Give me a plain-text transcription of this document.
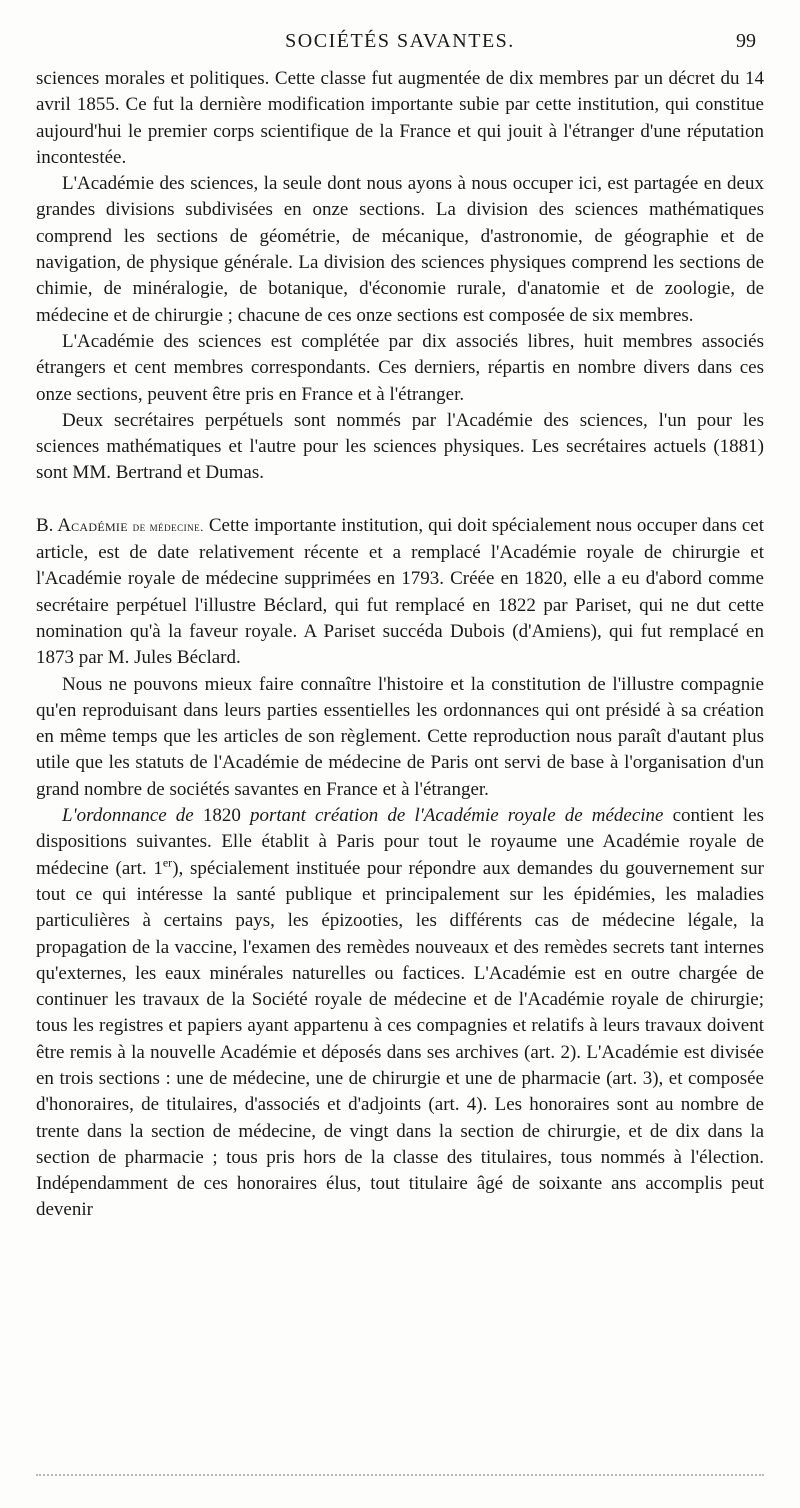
SOCIÉTÉS SAVANTES.	99

sciences morales et politiques. Cette classe fut augmentée de dix membres par un décret du 14 avril 1855. Ce fut la dernière modification importante subie par cette institution, qui constitue aujourd'hui le premier corps scientifique de la France et qui jouit à l'étranger d'une réputation incontestée.

L'Académie des sciences, la seule dont nous ayons à nous occuper ici, est partagée en deux grandes divisions subdivisées en onze sections. La division des sciences mathématiques comprend les sections de géométrie, de mécanique, d'astronomie, de géographie et de navigation, de physique générale. La division des sciences physiques comprend les sections de chimie, de minéralogie, de botanique, d'économie rurale, d'anatomie et de zoologie, de médecine et de chirurgie ; chacune de ces onze sections est composée de six membres.

L'Académie des sciences est complétée par dix associés libres, huit membres associés étrangers et cent membres correspondants. Ces derniers, répartis en nombre divers dans ces onze sections, peuvent être pris en France et à l'étranger.

Deux secrétaires perpétuels sont nommés par l'Académie des sciences, l'un pour les sciences mathématiques et l'autre pour les sciences physiques. Les secrétaires actuels (1881) sont MM. Bertrand et Dumas.

B. Académie de médecine. Cette importante institution, qui doit spécialement nous occuper dans cet article, est de date relativement récente et a remplacé l'Académie royale de chirurgie et l'Académie royale de médecine supprimées en 1793. Créée en 1820, elle a eu d'abord comme secrétaire perpétuel l'illustre Béclard, qui fut remplacé en 1822 par Pariset, qui ne dut cette nomination qu'à la faveur royale. A Pariset succéda Dubois (d'Amiens), qui fut remplacé en 1873 par M. Jules Béclard.

Nous ne pouvons mieux faire connaître l'histoire et la constitution de l'illustre compagnie qu'en reproduisant dans leurs parties essentielles les ordonnances qui ont présidé à sa création en même temps que les articles de son règlement. Cette reproduction nous paraît d'autant plus utile que les statuts de l'Académie de médecine de Paris ont servi de base à l'organisation d'un grand nombre de sociétés savantes en France et à l'étranger.

L'ordonnance de 1820 portant création de l'Académie royale de médecine contient les dispositions suivantes. Elle établit à Paris pour tout le royaume une Académie royale de médecine (art. 1er), spécialement instituée pour répondre aux demandes du gouvernement sur tout ce qui intéresse la santé publique et principalement sur les épidémies, les maladies particulières à certains pays, les épizooties, les différents cas de médecine légale, la propagation de la vaccine, l'examen des remèdes nouveaux et des remèdes secrets tant internes qu'externes, les eaux minérales naturelles ou factices. L'Académie est en outre chargée de continuer les travaux de la Société royale de médecine et de l'Académie royale de chirurgie; tous les registres et papiers ayant appartenu à ces compagnies et relatifs à leurs travaux doivent être remis à la nouvelle Académie et déposés dans ses archives (art. 2). L'Académie est divisée en trois sections : une de médecine, une de chirurgie et une de pharmacie (art. 3), et composée d'honoraires, de titulaires, d'associés et d'adjoints (art. 4). Les honoraires sont au nombre de trente dans la section de médecine, de vingt dans la section de chirurgie, et de dix dans la section de pharmacie ; tous pris hors de la classe des titulaires, tous nommés à l'élection. Indépendamment de ces honoraires élus, tout titulaire âgé de soixante ans accomplis peut devenir
